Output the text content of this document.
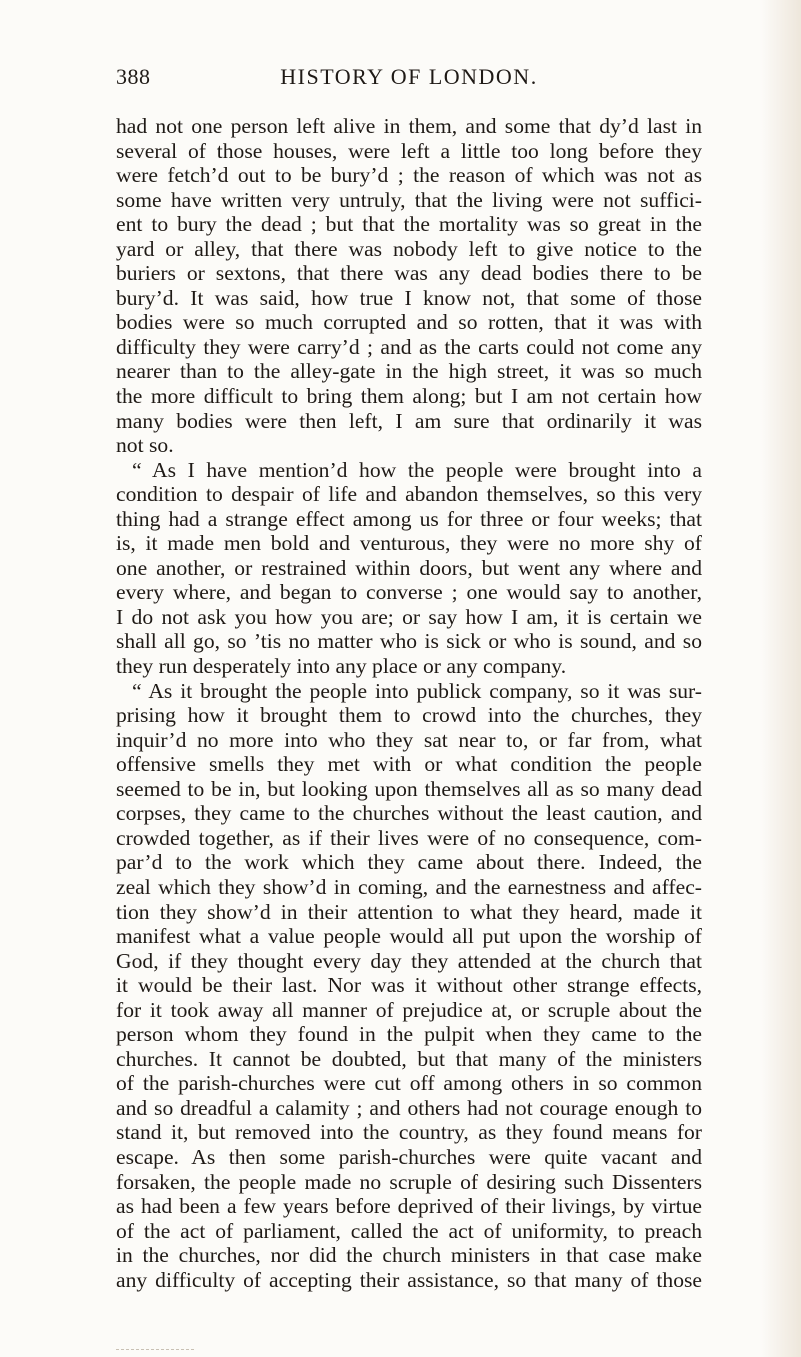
388	HISTORY OF LONDON.
had not one person left alive in them, and some that dy’d last in
several of those houses, were left a little too long before they
were fetch’d out to be bury’d ; the reason of which was not as
some have written very untruly, that the living were not suffici-
ent to bury the dead ; but that the mortality was so great in the
yard or alley, that there was nobody left to give notice to the
buriers or sextons, that there was any dead bodies there to be
bury’d. It was said, how true I know not, that some of those
bodies were so much corrupted and so rotten, that it was with
difficulty they were carry’d ; and as the carts could not come any
nearer than to the alley-gate in the high street, it was so much
the more difficult to bring them along; but I am not certain how
many bodies were then left, I am sure that ordinarily it was
not so.
“ As I have mention’d how the people were brought into a
condition to despair of life and abandon themselves, so this very
thing had a strange effect among us for three or four weeks; that
is, it made men bold and venturous, they were no more shy of
one another, or restrained within doors, but went any where and
every where, and began to converse ; one would say to another,
I do not ask you how you are; or say how I am, it is certain we
shall all go, so ’tis no matter who is sick or who is sound, and so
they run desperately into any place or any company.
“ As it brought the people into publick company, so it was sur-
prising how it brought them to crowd into the churches, they
inquir’d no more into who they sat near to, or far from, what
offensive smells they met with or what condition the people
seemed to be in, but looking upon themselves all as so many dead
corpses, they came to the churches without the least caution, and
crowded together, as if their lives were of no consequence, com-
par’d to the work which they came about there. Indeed, the
zeal which they show’d in coming, and the earnestness and affec-
tion they show’d in their attention to what they heard, made it
manifest what a value people would all put upon the worship of
God, if they thought every day they attended at the church that
it would be their last. Nor was it without other strange effects,
for it took away all manner of prejudice at, or scruple about the
person whom they found in the pulpit when they came to the
churches. It cannot be doubted, but that many of the ministers
of the parish-churches were cut off among others in so common
and so dreadful a calamity ; and others had not courage enough to
stand it, but removed into the country, as they found means for
escape. As then some parish-churches were quite vacant and
forsaken, the people made no scruple of desiring such Dissenters
as had been a few years before deprived of their livings, by virtue
of the act of parliament, called the act of uniformity, to preach
in the churches, nor did the church ministers in that case make
any difficulty of accepting their assistance, so that many of those
